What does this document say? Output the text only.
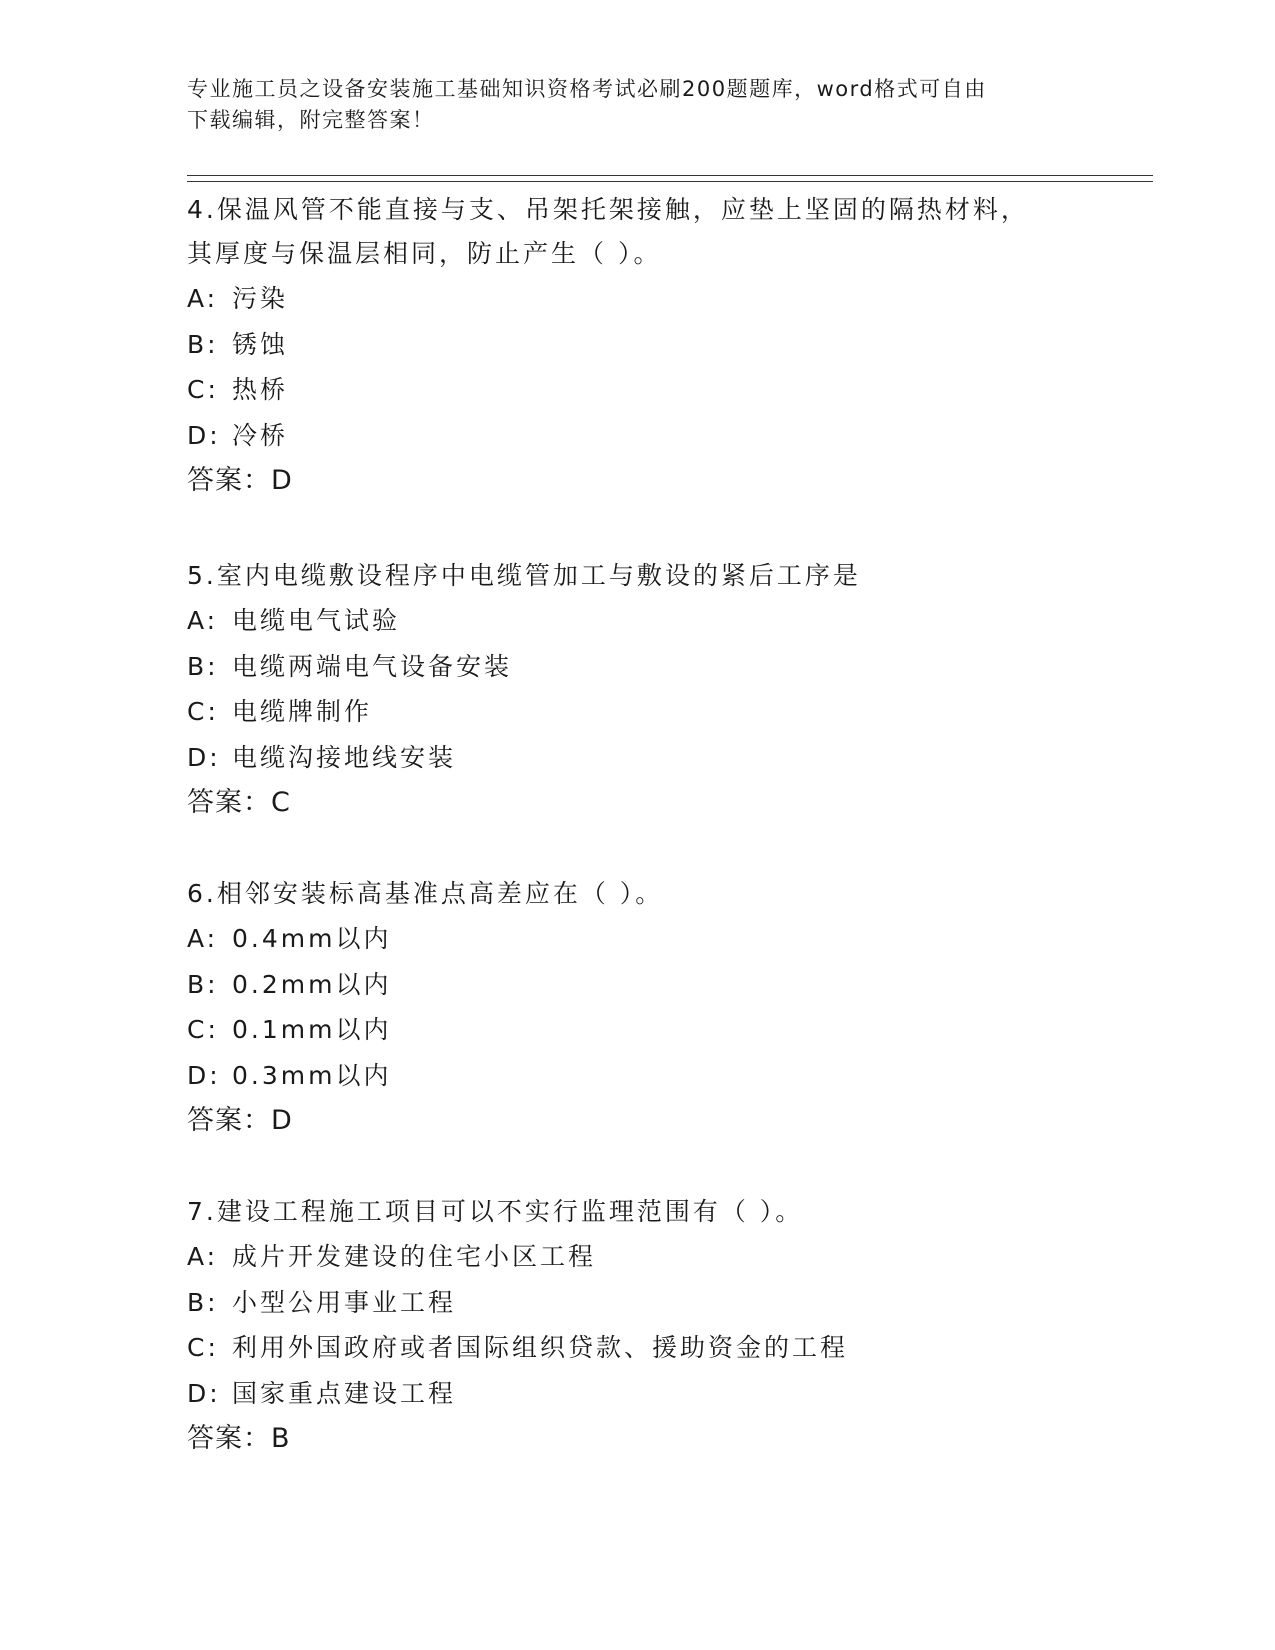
专业施工员之设备安装施工基础知识资格考试必刷200题题库，word格式可自由
下载编辑，附完整答案！
4.保温风管不能直接与支、吊架托架接触，应垫上坚固的隔热材料，
其厚度与保温层相同，防止产生（ ）。
A: 污染
B: 锈蚀
C: 热桥
D: 冷桥
答案：D
5.室内电缆敷设程序中电缆管加工与敷设的紧后工序是
A: 电缆电气试验
B: 电缆两端电气设备安装
C: 电缆牌制作
D: 电缆沟接地线安装
答案：C
6.相邻安装标高基准点高差应在（ ）。
A: 0.4mm以内
B: 0.2mm以内
C: 0.1mm以内
D: 0.3mm以内
答案：D
7.建设工程施工项目可以不实行监理范围有（ ）。
A: 成片开发建设的住宅小区工程
B: 小型公用事业工程
C: 利用外国政府或者国际组织贷款、援助资金的工程
D: 国家重点建设工程
答案：B
